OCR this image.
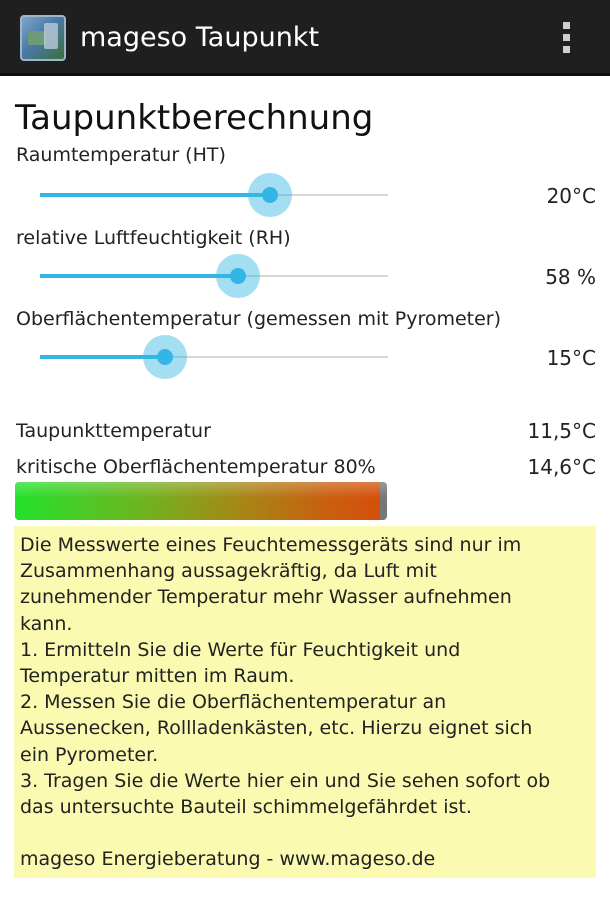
mageso Taupunkt
Taupunktberechnung
Raumtemperatur (HT)
20°C
relative Luftfeuchtigkeit (RH)
58 %
Oberflächentemperatur (gemessen mit Pyrometer)
15°C
Taupunkttemperatur	11,5°C
kritische Oberflächentemperatur 80%	14,6°C
Die Messwerte eines Feuchtemessgeräts sind nur im
Zusammenhang aussagekräftig, da Luft mit
zunehmender Temperatur mehr Wasser aufnehmen
kann.
1. Ermitteln Sie die Werte für Feuchtigkeit und
Temperatur mitten im Raum.
2. Messen Sie die Oberflächentemperatur an
Aussenecken, Rollladenkästen, etc. Hierzu eignet sich
ein Pyrometer.
3. Tragen Sie die Werte hier ein und Sie sehen sofort ob
das untersuchte Bauteil schimmelgefährdet ist.
mageso Energieberatung - www.mageso.de
